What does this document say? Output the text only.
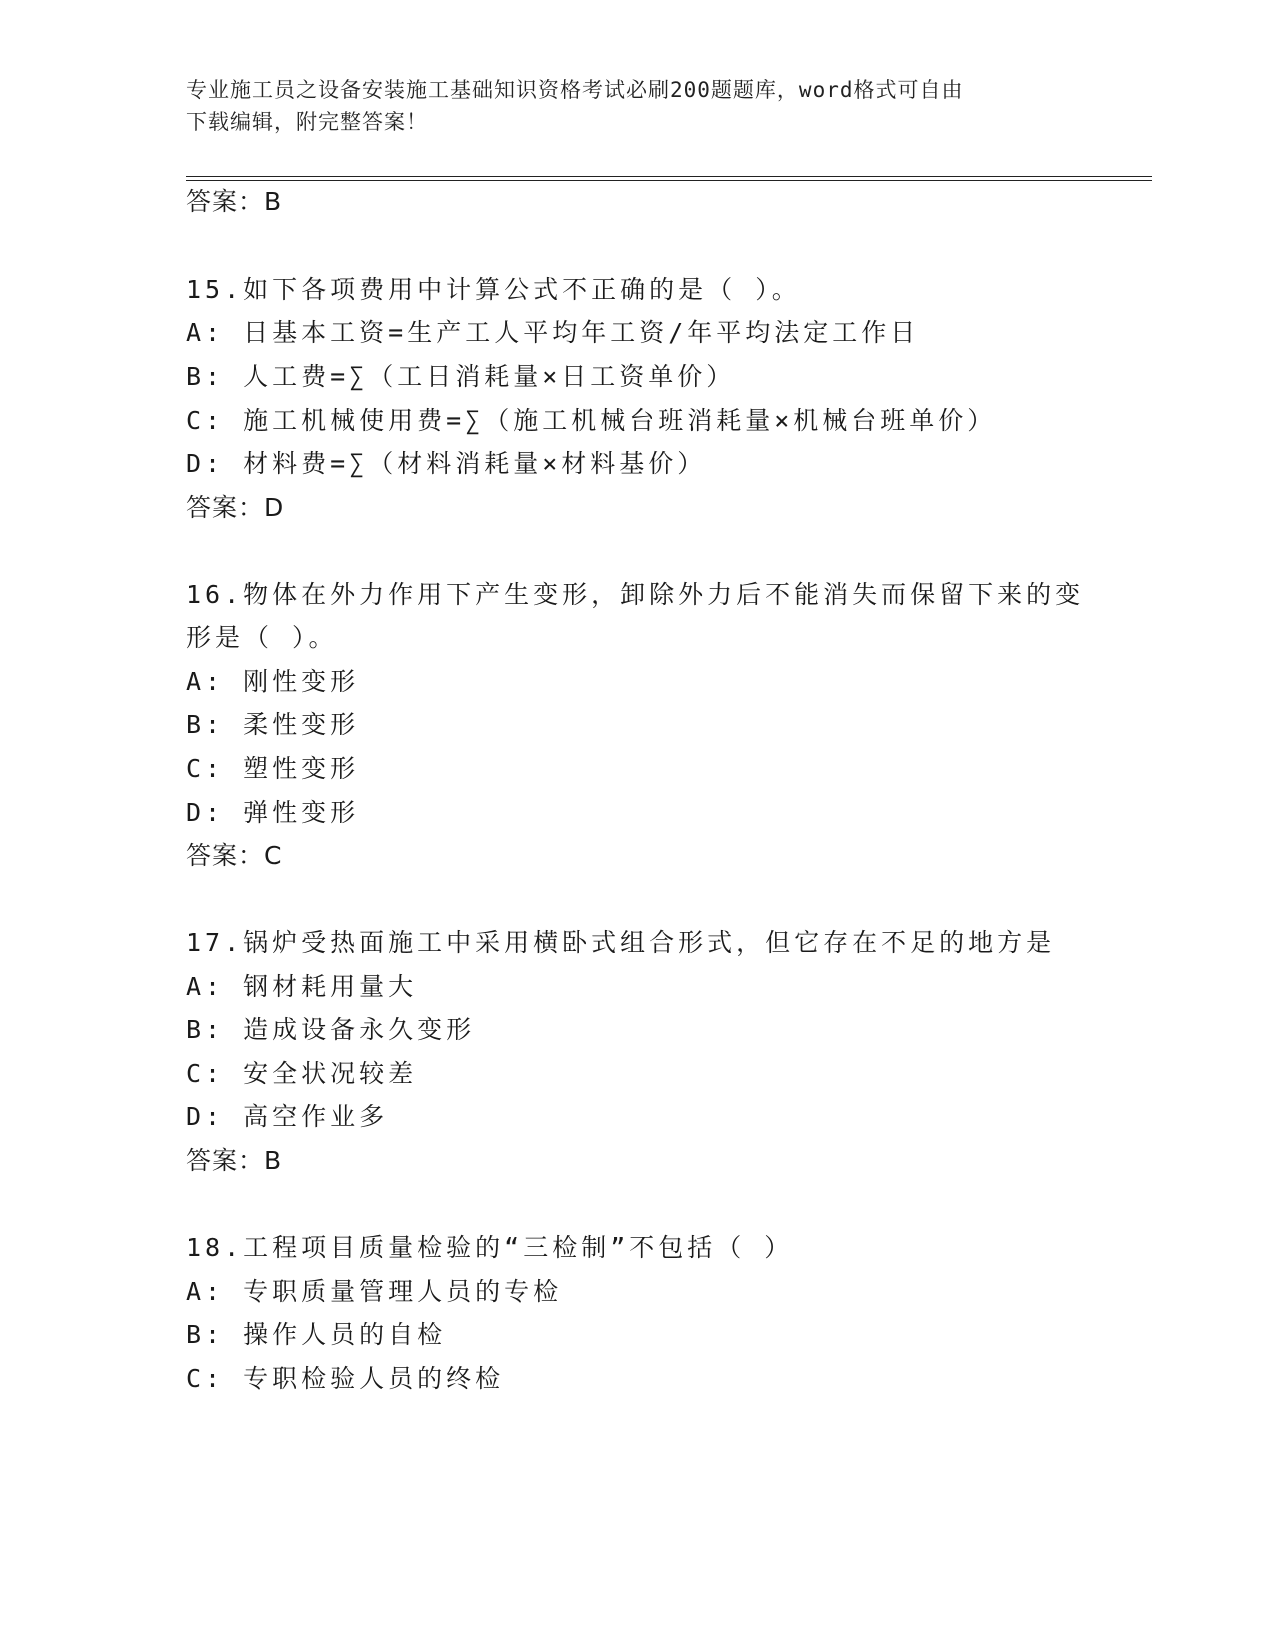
专业施工员之设备安装施工基础知识资格考试必刷200题题库，word格式可自由
下载编辑，附完整答案！
答案：B
15.如下各项费用中计算公式不正确的是（ ）。
A: 日基本工资=生产工人平均年工资/年平均法定工作日
B: 人工费=∑（工日消耗量×日工资单价）
C: 施工机械使用费=∑（施工机械台班消耗量×机械台班单价）
D: 材料费=∑（材料消耗量×材料基价）
答案：D
16.物体在外力作用下产生变形，卸除外力后不能消失而保留下来的变
形是（ ）。
A: 刚性变形
B: 柔性变形
C: 塑性变形
D: 弹性变形
答案：C
17.锅炉受热面施工中采用横卧式组合形式，但它存在不足的地方是
A: 钢材耗用量大
B: 造成设备永久变形
C: 安全状况较差
D: 高空作业多
答案：B
18.工程项目质量检验的“三检制”不包括（ ）
A: 专职质量管理人员的专检
B: 操作人员的自检
C: 专职检验人员的终检
